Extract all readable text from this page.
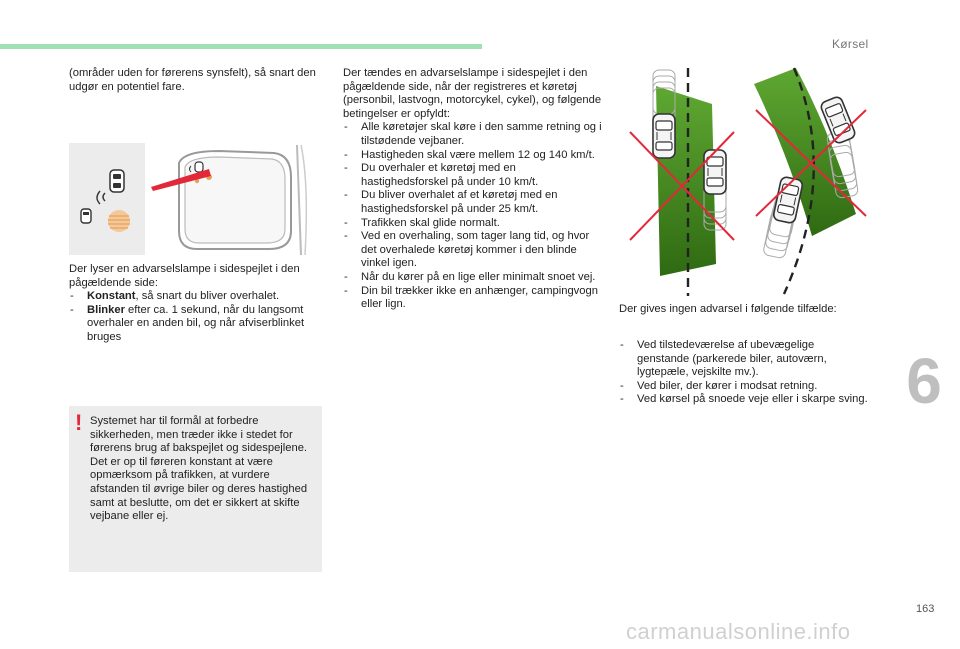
Kørsel

(områder uden for førerens synsfelt), så snart den udgør en potentiel fare.

Der lyser en advarselslampe i sidespejlet i den pågældende side:

- Konstant, så snart du bliver overhalet.
- Blinker efter ca. 1 sekund, når du langsomt overhaler en anden bil, og når afviserblinket bruges
! Systemet har til formål at forbedre sikkerheden, men træder ikke i stedet for førerens brug af bakspejlet og sidespejlene. Det er op til føreren konstant at være opmærksom på trafikken, at vurdere afstanden til øvrige biler og deres hastighed samt at beslutte, om det er sikkert at skifte vejbane eller ej.

Der tændes en advarselslampe i sidespejlet i den pågældende side, når der registreres et køretøj (personbil, lastvogn, motorcykel, cykel), og følgende betingelser er opfyldt:

- Alle køretøjer skal køre i den samme retning og i tilstødende vejbaner.
- Hastigheden skal være mellem 12 og 140 km/t.
- Du overhaler et køretøj med en hastighedsforskel på under 10 km/t.
- Du bliver overhalet af et køretøj med en hastighedsforskel på under 25 km/t.
- Trafikken skal glide normalt.
- Ved en overhaling, som tager lang tid, og hvor det overhalede køretøj kommer i den blinde vinkel igen.
- Når du kører på en lige eller minimalt snoet vej.
- Din bil trækker ikke en anhænger, campingvogn eller lign.	Der gives ingen advarsel i følgende tilfælde:

- Ved tilstedeværelse af ubevægelige genstande (parkerede biler, autoværn, lygtepæle, vejskilte mv.).
- Ved biler, der kører i modsat retning.
- Ved kørsel på snoede veje eller i skarpe sving. 6
163
carmanualsonline.info
